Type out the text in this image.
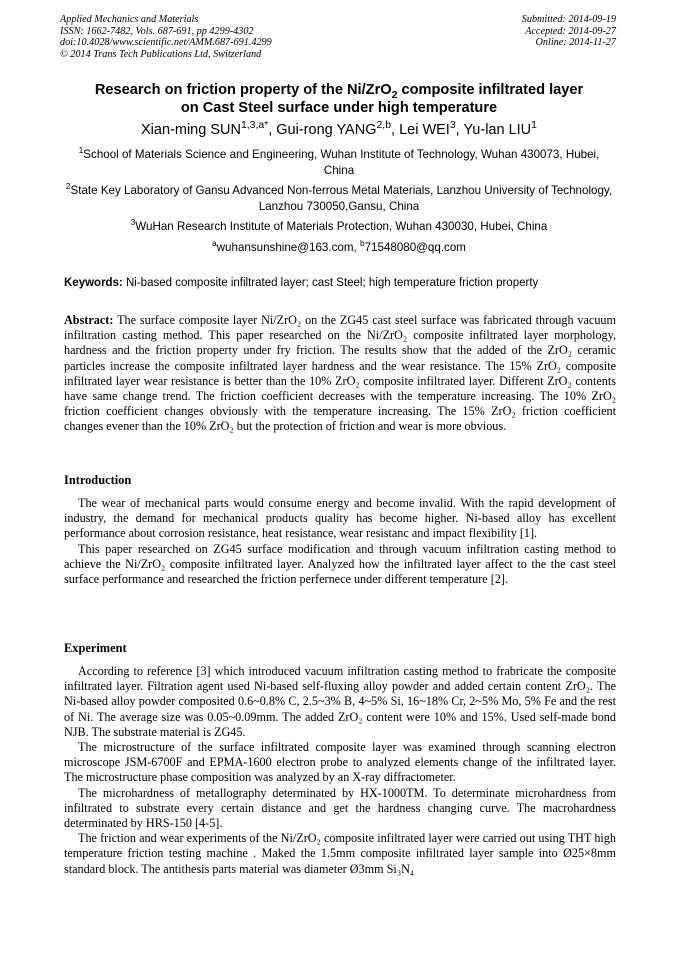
Applied Mechanics and Materials
ISSN: 1662-7482, Vols. 687-691, pp 4299-4302
doi:10.4028/www.scientific.net/AMM.687-691.4299
© 2014 Trans Tech Publications Ltd, Switzerland
Submitted: 2014-09-19
Accepted: 2014-09-27
Online: 2014-11-27
Research on friction property of the Ni/ZrO$_2$ composite infiltrated layer
on Cast Steel surface under high temperature
Xian-ming $SUN^{1,3,a*}$, Gui-rong YANG$^{2,b}$, Lei WEI$^3$, Yu-lan LIU$^1$
$^1$School of Materials Science and Engineering, Wuhan Institute of Technology, Wuhan 430073, Hubei, China
$^2$State Key Laboratory of Gansu Advanced Non-ferrous Metal Materials, Lanzhou University of Technology, Lanzhou 730050,Gansu, China
$^3$WuHan Research Institute of Materials Protection, Wuhan 430030, Hubei, China
$^a$wuhansunshine@163.com, $^b$71548080@qq.com
Keywords: Ni-based composite infiltrated layer; cast Steel; high temperature friction property
Abstract: The surface composite layer Ni/ZrO₂ on the ZG45 cast steel surface was fabricated through vacuum infiltration casting method. This paper researched on the Ni/ZrO₂ composite infiltrated layer morphology, hardness and the friction property under fry friction. The results show that the added of the ZrO₂ ceramic particles increase the composite infiltrated layer hardness and the wear resistance. The 15% ZrO₂ composite infiltrated layer wear resistance is better than the 10% ZrO₂ composite infiltrated layer. Different ZrO₂ contents have same change trend. The friction coefficient decreases with the temperature increasing. The 10% ZrO₂ friction coefficient changes obviously with the temperature increasing. The 15% ZrO₂ friction coefficient changes evener than the 10% ZrO₂ but the protection of friction and wear is more obvious.
Introduction

The wear of mechanical parts would consume energy and become invalid. With the rapid development of industry, the demand for mechanical products quality has become higher. Ni-based alloy has excellent performance about corrosion resistance, heat resistance, wear resistanc and impact flexibility [1].

This paper researched on ZG45 surface modification and through vacuum infiltration casting method to achieve the Ni/ZrO₂ composite infiltrated layer. Analyzed how the infiltrated layer affect to the the cast steel surface performance and researched the friction perfernece under different temperature [2].

Experiment

According to reference [3] which introduced vacuum infiltration casting method to frabricate the composite infiltrated layer. Filtration agent used Ni-based self-fluxing alloy powder and added certain content ZrO₂. The Ni-based alloy powder composited 0.6~0.8% C, 2.5~3% B, 4~5% Si, 16~18% Cr, 2~5% Mo, 5% Fe and the rest of Ni. The average size was 0.05~0.09mm. The added ZrO₂ content were 10% and 15%. Used self-made bond NJB. The substrate material is ZG45.

The microstructure of the surface infiltrated composite layer was examined through scanning electron microscope JSM-6700F and EPMA-1600 electron probe to analyzed elements change of the infiltrated layer. The microstructure phase composition was analyzed by an X-ray diffractometer.

The microhardness of metallography determinated by HX-1000TM. To determinate microhardness from infiltrated to substrate every certain distance and get the hardness changing curve. The macrohardness determinated by HRS-150 [4-5].

The friction and wear experiments of the Ni/ZrO₂ composite infiltrated layer were carried out using THT high temperature friction testing machine . Maked the 1.5mm composite infiltrated layer sample into Ø25×8mm standard block. The antithesis parts material was diameter Ø3mm Si₃N₄
